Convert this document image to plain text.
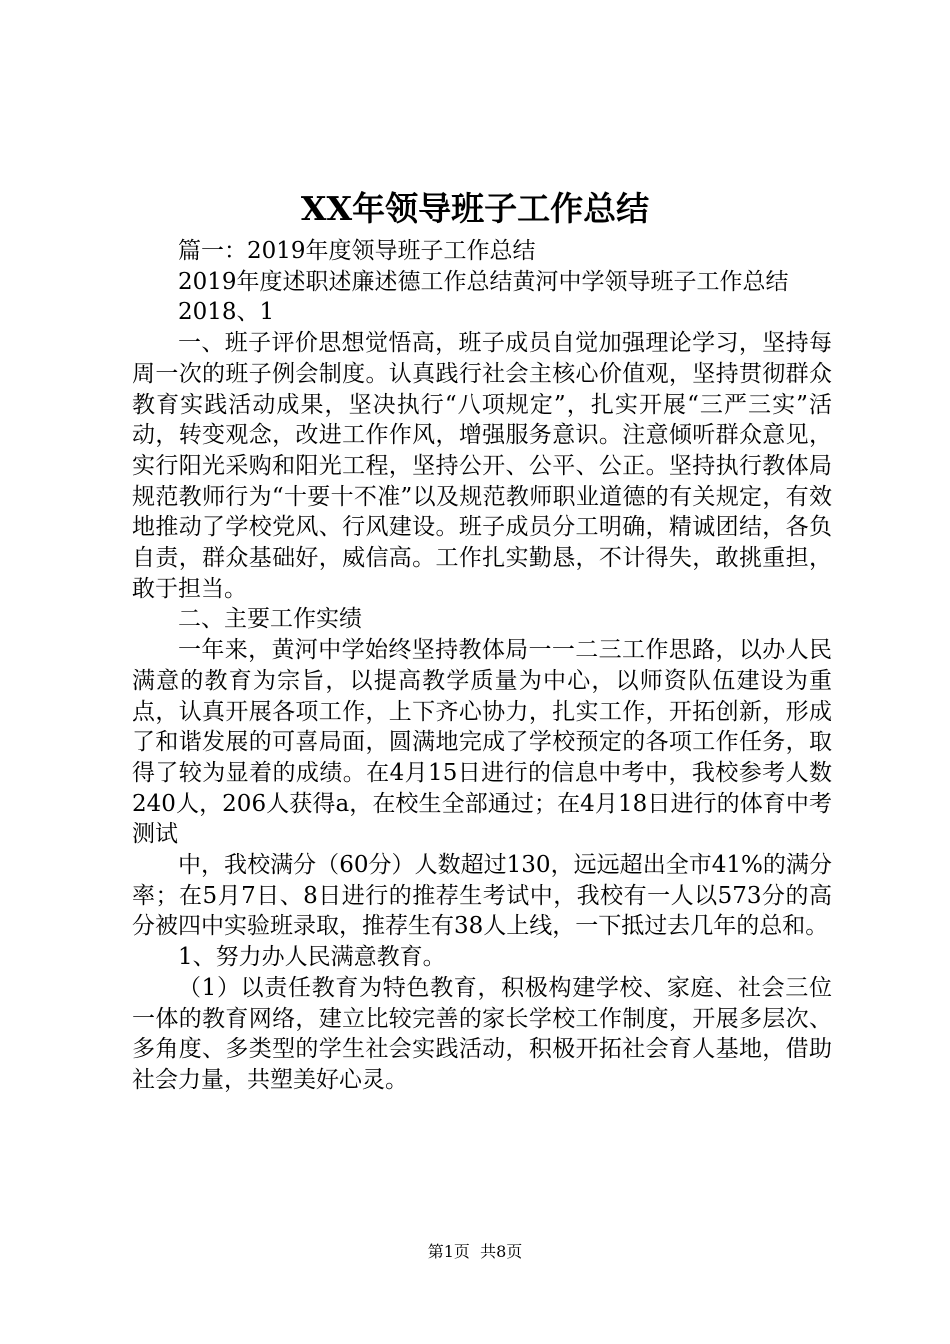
XX年领导班子工作总结

篇一：2019年度领导班子工作总结

2019年度述职述廉述德工作总结黄河中学领导班子工作总结

2018、1

一、班子评价思想觉悟高，班子成员自觉加强理论学习，坚持每周一次的班子例会制度。认真践行社会主核心价值观，坚持贯彻群众教育实践活动成果，坚决执行“八项规定”，扎实开展“三严三实”活动，转变观念，改进工作作风，增强服务意识。注意倾听群众意见，实行阳光采购和阳光工程，坚持公开、公平、公正。坚持执行教体局规范教师行为“十要十不准”以及规范教师职业道德的有关规定，有效地推动了学校党风、行风建设。班子成员分工明确，精诚团结，各负自责，群众基础好，威信高。工作扎实勤恳，不计得失，敢挑重担，敢于担当。

二、主要工作实绩

一年来，黄河中学始终坚持教体局一一二三工作思路，以办人民满意的教育为宗旨，以提高教学质量为中心，以师资队伍建设为重点，认真开展各项工作，上下齐心协力，扎实工作，开拓创新，形成了和谐发展的可喜局面，圆满地完成了学校预定的各项工作任务，取得了较为显着的成绩。在4月15日进行的信息中考中，我校参考人数240人，206人获得a，在校生全部通过；在4月18日进行的体育中考测试

中，我校满分（60分）人数超过130，远远超出全市41%的满分率；在5月7日、8日进行的推荐生考试中，我校有一人以573分的高分被四中实验班录取，推荐生有38人上线，一下抵过去几年的总和。

1、努力办人民满意教育。

（1）以责任教育为特色教育，积极构建学校、家庭、社会三位一体的教育网络，建立比较完善的家长学校工作制度，开展多层次、多角度、多类型的学生社会实践活动，积极开拓社会育人基地，借助社会力量，共塑美好心灵。

第1页  共8页
